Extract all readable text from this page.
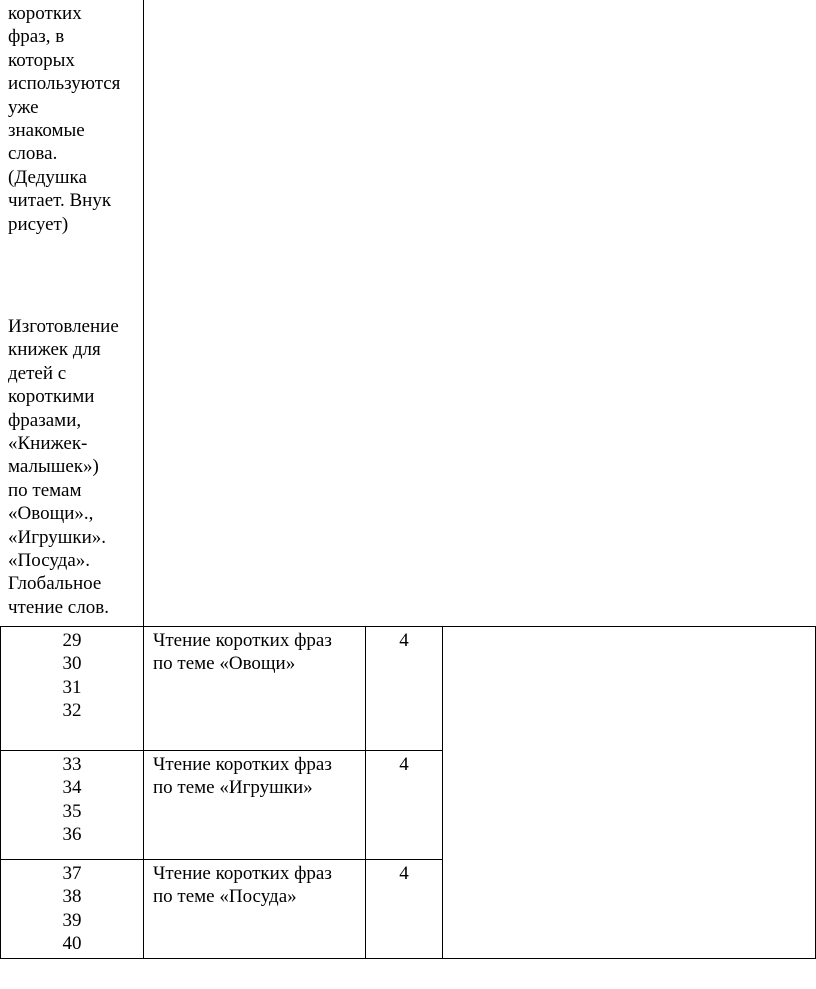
коротких

фраз, в

которых

используются

уже

знакомые

слова.

(Дедушка

читает. Внук

рисует)

Изготовление

книжек для

детей с

короткими

фразами,

«Книжек-

малышек»)

по темам

«Овощи».,

«Игрушки».

«Посуда».

Глобальное

чтение слов.

29
30
31
32

Чтение коротких фраз

по теме «Овощи»

4
33
34
35
36

Чтение коротких фраз

по теме «Игрушки»

4
37
38
39
40

Чтение коротких фраз

по теме «Посуда»

4
